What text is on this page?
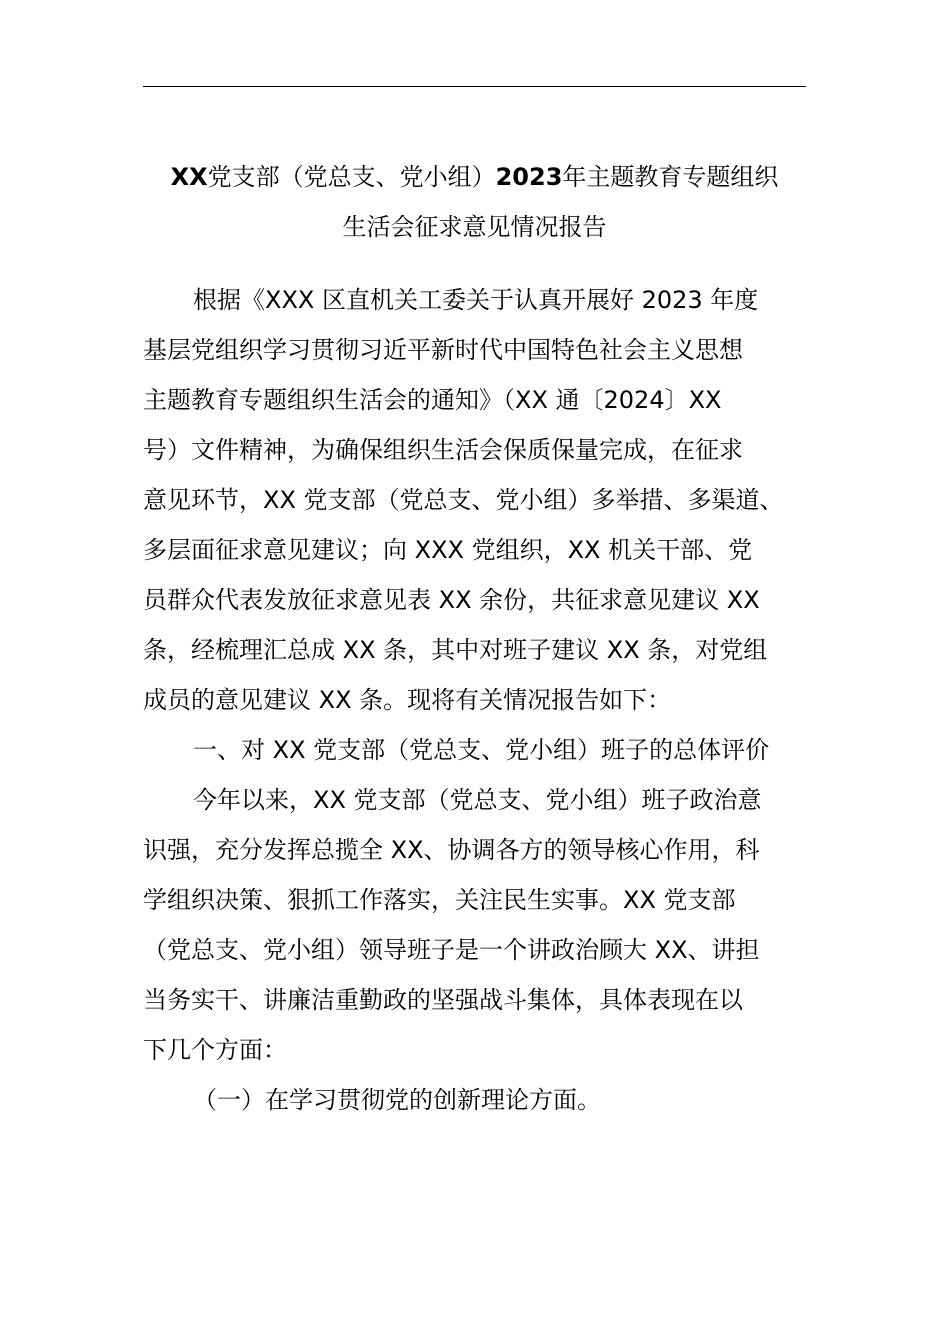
XX党支部（党总支、党小组）2023年主题教育专题组织
生活会征求意见情况报告
根据《XXX 区直机关工委关于认真开展好 2023 年度
基层党组织学习贯彻习近平新时代中国特色社会主义思想
主题教育专题组织生活会的通知》（XX 通〔2024〕XX
号）文件精神，为确保组织生活会保质保量完成，在征求
意见环节，XX 党支部（党总支、党小组）多举措、多渠道、
多层面征求意见建议；向 XXX 党组织，XX 机关干部、党
员群众代表发放征求意见表 XX 余份，共征求意见建议 XX
条，经梳理汇总成 XX 条，其中对班子建议 XX 条，对党组
成员的意见建议 XX 条。现将有关情况报告如下：
一、对 XX 党支部（党总支、党小组）班子的总体评价
今年以来，XX 党支部（党总支、党小组）班子政治意
识强，充分发挥总揽全 XX、协调各方的领导核心作用，科
学组织决策、狠抓工作落实，关注民生实事。XX 党支部
（党总支、党小组）领导班子是一个讲政治顾大 XX、讲担
当务实干、讲廉洁重勤政的坚强战斗集体，具体表现在以
下几个方面：
（一）在学习贯彻党的创新理论方面。
